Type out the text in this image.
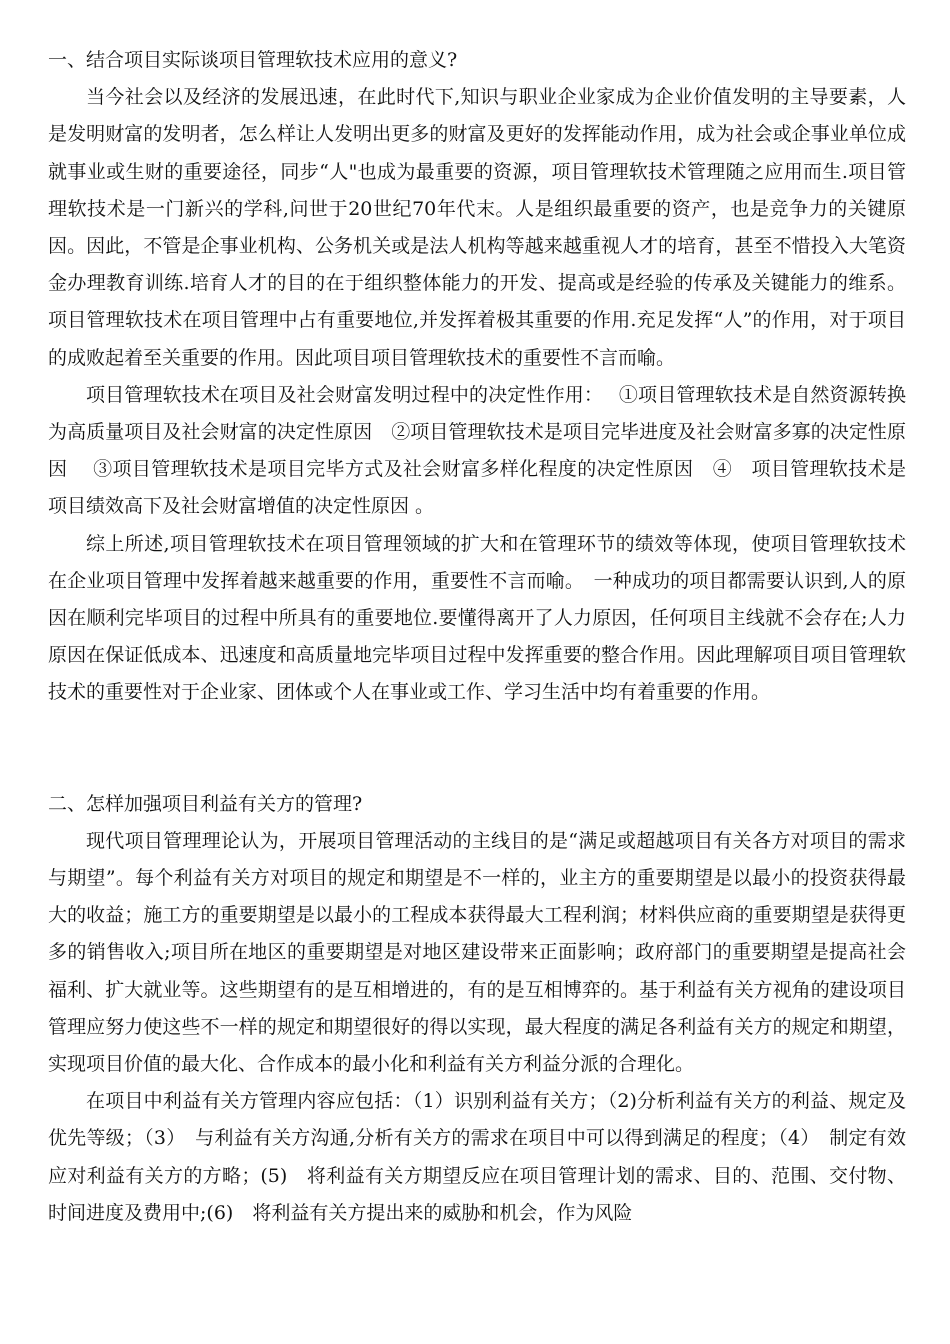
一、结合项目实际谈项目管理软技术应用的意义?

当今社会以及经济的发展迅速，在此时代下,知识与职业企业家成为企业价值发明的主导要素，人是发明财富的发明者，怎么样让人发明出更多的财富及更好的发挥能动作用，成为社会或企事业单位成就事业或生财的重要途径，同步“人"也成为最重要的资源，项目管理软技术管理随之应用而生.项目管理软技术是一门新兴的学科,问世于20世纪70年代末。人是组织最重要的资产，也是竞争力的关键原因。因此，不管是企事业机构、公务机关或是法人机构等越来越重视人才的培育，甚至不惜投入大笔资金办理教育训练.培育人才的目的在于组织整体能力的开发、提高或是经验的传承及关键能力的维系。项目管理软技术在项目管理中占有重要地位,并发挥着极其重要的作用.充足发挥“人”的作用，对于项目的成败起着至关重要的作用。因此项目项目管理软技术的重要性不言而喻。

项目管理软技术在项目及社会财富发明过程中的决定性作用：　 ①项目管理软技术是自然资源转换为高质量项目及社会财富的决定性原因　②项目管理软技术是项目完毕进度及社会财富多寡的决定性原因　 ③项目管理软技术是项目完毕方式及社会财富多样化程度的决定性原因　④　项目管理软技术是项目绩效高下及社会财富增值的决定性原因 。

综上所述,项目管理软技术在项目管理领域的扩大和在管理环节的绩效等体现，使项目管理软技术在企业项目管理中发挥着越来越重要的作用，重要性不言而喻。　一种成功的项目都需要认识到,人的原因在顺利完毕项目的过程中所具有的重要地位.要懂得离开了人力原因，任何项目主线就不会存在;人力原因在保证低成本、迅速度和高质量地完毕项目过程中发挥重要的整合作用。因此理解项目项目管理软技术的重要性对于企业家、团体或个人在事业或工作、学习生活中均有着重要的作用。

二、怎样加强项目利益有关方的管理?

现代项目管理理论认为，开展项目管理活动的主线目的是“满足或超越项目有关各方对项目的需求与期望”。每个利益有关方对项目的规定和期望是不一样的，业主方的重要期望是以最小的投资获得最大的收益；施工方的重要期望是以最小的工程成本获得最大工程利润；材料供应商的重要期望是获得更多的销售收入;项目所在地区的重要期望是对地区建设带来正面影响；政府部门的重要期望是提高社会福利、扩大就业等。这些期望有的是互相增进的，有的是互相博弈的。基于利益有关方视角的建设项目管理应努力使这些不一样的规定和期望很好的得以实现，最大程度的满足各利益有关方的规定和期望，实现项目价值的最大化、合作成本的最小化和利益有关方利益分派的合理化。

在项目中利益有关方管理内容应包括：（1）识别利益有关方；（2)分析利益有关方的利益、规定及优先等级；（3）　与利益有关方沟通,分析有关方的需求在项目中可以得到满足的程度；（4）　制定有效应对利益有关方的方略；(5)　将利益有关方期望反应在项目管理计划的需求、目的、范围、交付物、时间进度及费用中;(6)　将利益有关方提出来的威胁和机会，作为风险
